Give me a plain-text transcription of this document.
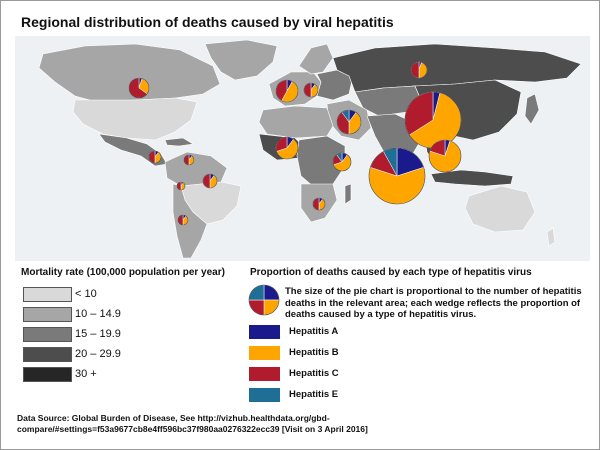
Regional distribution of deaths caused by viral hepatitis
Mortality rate (100,000 population per year)
< 10
10 – 14.9
15 – 19.9
20 – 29.9
30 +
Proportion of deaths caused by each type of hepatitis virus
The size of the pie chart is proportional to the number of hepatitis deaths in the relevant area; each wedge reflects the proportion of deaths caused by a type of hepatitis virus.
Hepatitis A
Hepatitis B
Hepatitis C
Hepatitis E
Data Source: Global Burden of Disease, See http://vizhub.healthdata.org/gbd-compare/#settings=f53a9677cb8e4ff596bc37f980aa0276322ecc39 [Visit on 3 April 2016]
